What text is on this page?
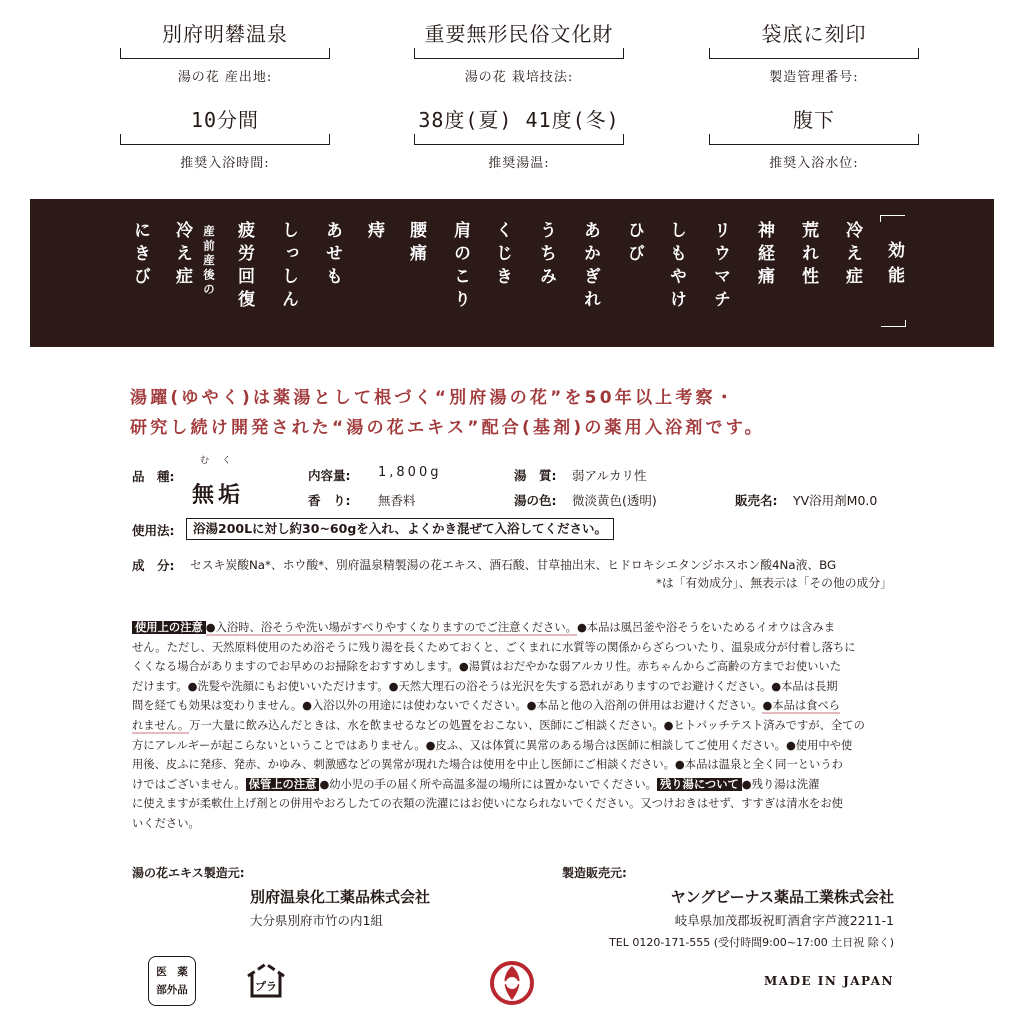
別府明礬温泉
湯の花 産出地:
重要無形民俗文化財
湯の花 栽培技法:
袋底に刻印
製造管理番号:
10分間
推奨入浴時間:
38度(夏) 41度(冬)
推奨湯温:
腹下
推奨入浴水位:
効能
冷え症
荒れ性
神経痛
リウマチ
しもやけ
ひび
あかぎれ
うちみ
くじき
肩のこり
腰痛
痔
あせも
しっしん
疲労回復
産前産後の
冷え症
にきび
湯躍(ゆやく)は薬湯として根づく“別府湯の花”を50年以上考察・
研究し続け開発された“湯の花エキス”配合(基剤)の薬用入浴剤です。
品　種:
む　く
無垢
内容量: 1,800g
香　り: 無香料
湯　質: 弱アルカリ性
湯の色: 微淡黄色(透明)	販売名: YV浴用剤M0.0
使用法:	浴湯200Lに対し約30~60gを入れ、よくかき混ぜて入浴してください。
成　分: セスキ炭酸Na*、ホウ酸*、別府温泉精製湯の花エキス、酒石酸、甘草抽出末、ヒドロキシエタンジホスホン酸4Na液、BG
*は「有効成分」、無表示は「その他の成分」
使用上の注意 ●入浴時、浴そうや洗い場がすべりやすくなりますのでご注意ください。●本品は風呂釜や浴そうをいためるイオウは含みま
せん。ただし、天然原料使用のため浴そうに残り湯を長くためておくと、ごくまれに水質等の関係からざらついたり、温泉成分が付着し落ちに
くくなる場合がありますのでお早めのお掃除をおすすめします。●湯質はおだやかな弱アルカリ性。赤ちゃんからご高齢の方までお使いいた
だけます。●洗髪や洗顔にもお使いいただけます。●天然大理石の浴そうは光沢を失する恐れがありますのでお避けください。●本品は長期
間を経ても効果は変わりません。●入浴以外の用途には使わないでください。●本品と他の入浴剤の併用はお避けください。●本品は食べら
れません。万一大量に飲み込んだときは、水を飲ませるなどの処置をおこない、医師にご相談ください。●ヒトパッチテスト済みですが、全ての
方にアレルギーが起こらないということではありません。●皮ふ、又は体質に異常のある場合は医師に相談してご使用ください。●使用中や使
用後、皮ふに発疹、発赤、かゆみ、刺激感などの異常が現れた場合は使用を中止し医師にご相談ください。●本品は温泉と全く同一というわ
けではございません。 保管上の注意 ●幼小児の手の届く所や高温多湿の場所には置かないでください。 残り湯について ●残り湯は洗濯
に使えますが柔軟仕上げ剤との併用やおろしたての衣類の洗濯にはお使いになられないでください。又つけおきはせず、すすぎは清水をお使
いください。
湯の花エキス製造元:
別府温泉化工薬品株式会社
大分県別府市竹の内1組
製造販売元:
ヤングビーナス薬品工業株式会社
岐阜県加茂郡坂祝町酒倉字芦渡2211-1
TEL 0120-171-555 (受付時間9:00~17:00 土日祝 除く)
医　薬
部外品	プラ	MADE IN JAPAN
